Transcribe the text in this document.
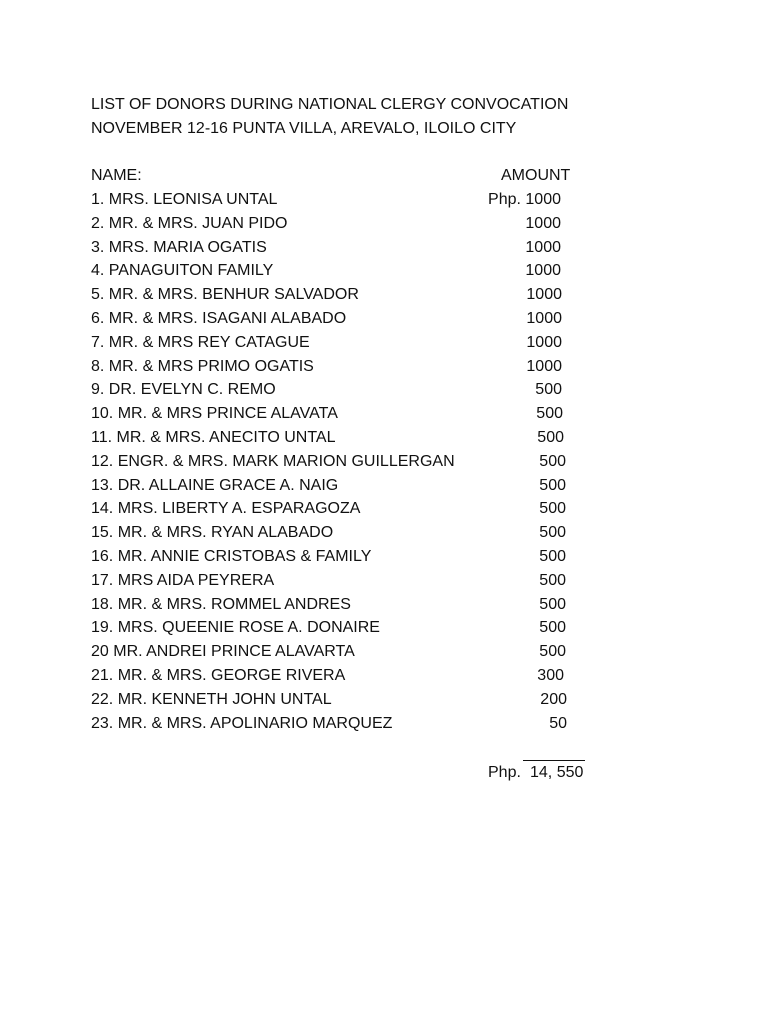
LIST OF DONORS DURING NATIONAL CLERGY CONVOCATION
NOVEMBER 12-16 PUNTA VILLA, AREVALO, ILOILO CITY
NAME:	AMOUNT
1. MRS. LEONISA UNTAL	Php. 1000
2. MR. & MRS. JUAN PIDO	1000
3. MRS. MARIA OGATIS	1000
4. PANAGUITON FAMILY	1000
5. MR. & MRS. BENHUR SALVADOR	1000
6. MR. & MRS. ISAGANI ALABADO	1000
7. MR. & MRS REY CATAGUE	1000
8. MR. & MRS PRIMO OGATIS	1000
9. DR. EVELYN C. REMO	500
10. MR. & MRS PRINCE ALAVATA	500
11. MR. & MRS. ANECITO UNTAL	500
12. ENGR. & MRS. MARK MARION GUILLERGAN	500
13. DR. ALLAINE GRACE A. NAIG	500
14. MRS. LIBERTY A. ESPARAGOZA	500
15. MR. & MRS. RYAN ALABADO	500
16. MR. ANNIE CRISTOBAS & FAMILY	500
17. MRS AIDA PEYRERA	500
18. MR. & MRS. ROMMEL ANDRES	500
19. MRS. QUEENIE ROSE A. DONAIRE	500
20 MR. ANDREI PRINCE ALAVARTA	500
21. MR. & MRS. GEORGE RIVERA	300
22. MR. KENNETH JOHN UNTAL	200
23. MR. & MRS. APOLINARIO MARQUEZ	50
Php. 14, 550
